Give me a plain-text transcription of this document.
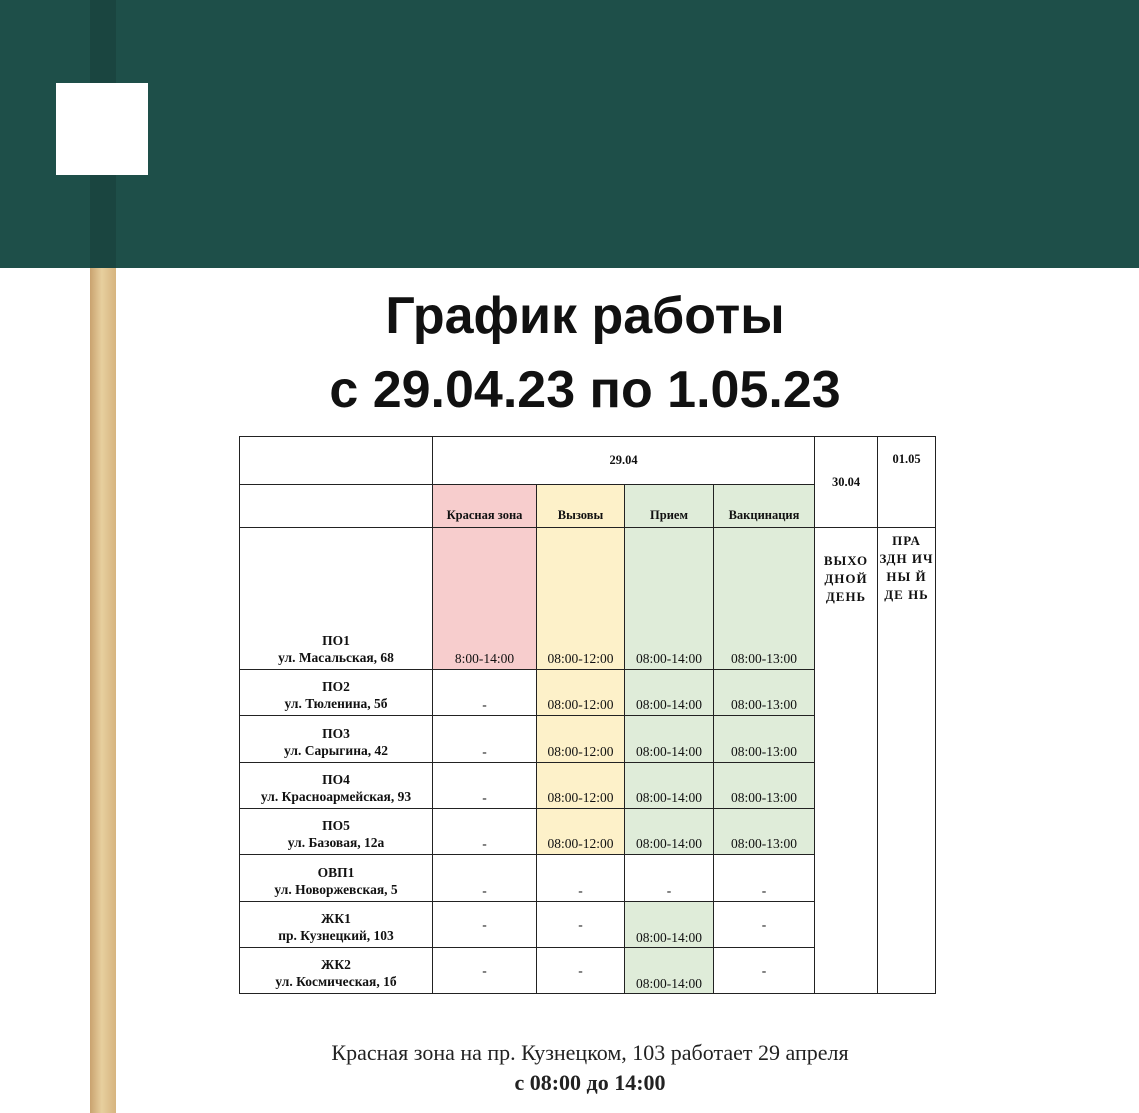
График работы
с 29.04.23 по 1.05.23
	29.04				30.04	01.05
	Красная зона	Вызовы	Прием	Вакцинация		

ПО1
ул. Масальская, 68	8:00-14:00	08:00-12:00	08:00-14:00	08:00-13:00	ВЫХО ДНОЙ ДЕНЬ	ПРА ЗДН ИЧ НЫ Й ДЕ НЬ

ПО2
ул. Тюленина, 5б	-	08:00-12:00	08:00-14:00	08:00-13:00		

ПО3
ул. Сарыгина, 42	-	08:00-12:00	08:00-14:00	08:00-13:00		

ПО4
ул. Красноармейская, 93	-	08:00-12:00	08:00-14:00	08:00-13:00		

ПО5
ул. Базовая, 12а	-	08:00-12:00	08:00-14:00	08:00-13:00		

ОВП1
ул. Новоржевская, 5	-	-	-	-		

ЖК1
пр. Кузнецкий, 103	-	-	08:00-14:00	-		

ЖК2
ул. Космическая, 1б	-	-	08:00-14:00	-		
Красная зона на пр. Кузнецком, 103 работает 29 апреля
с 08:00 до 14:00
